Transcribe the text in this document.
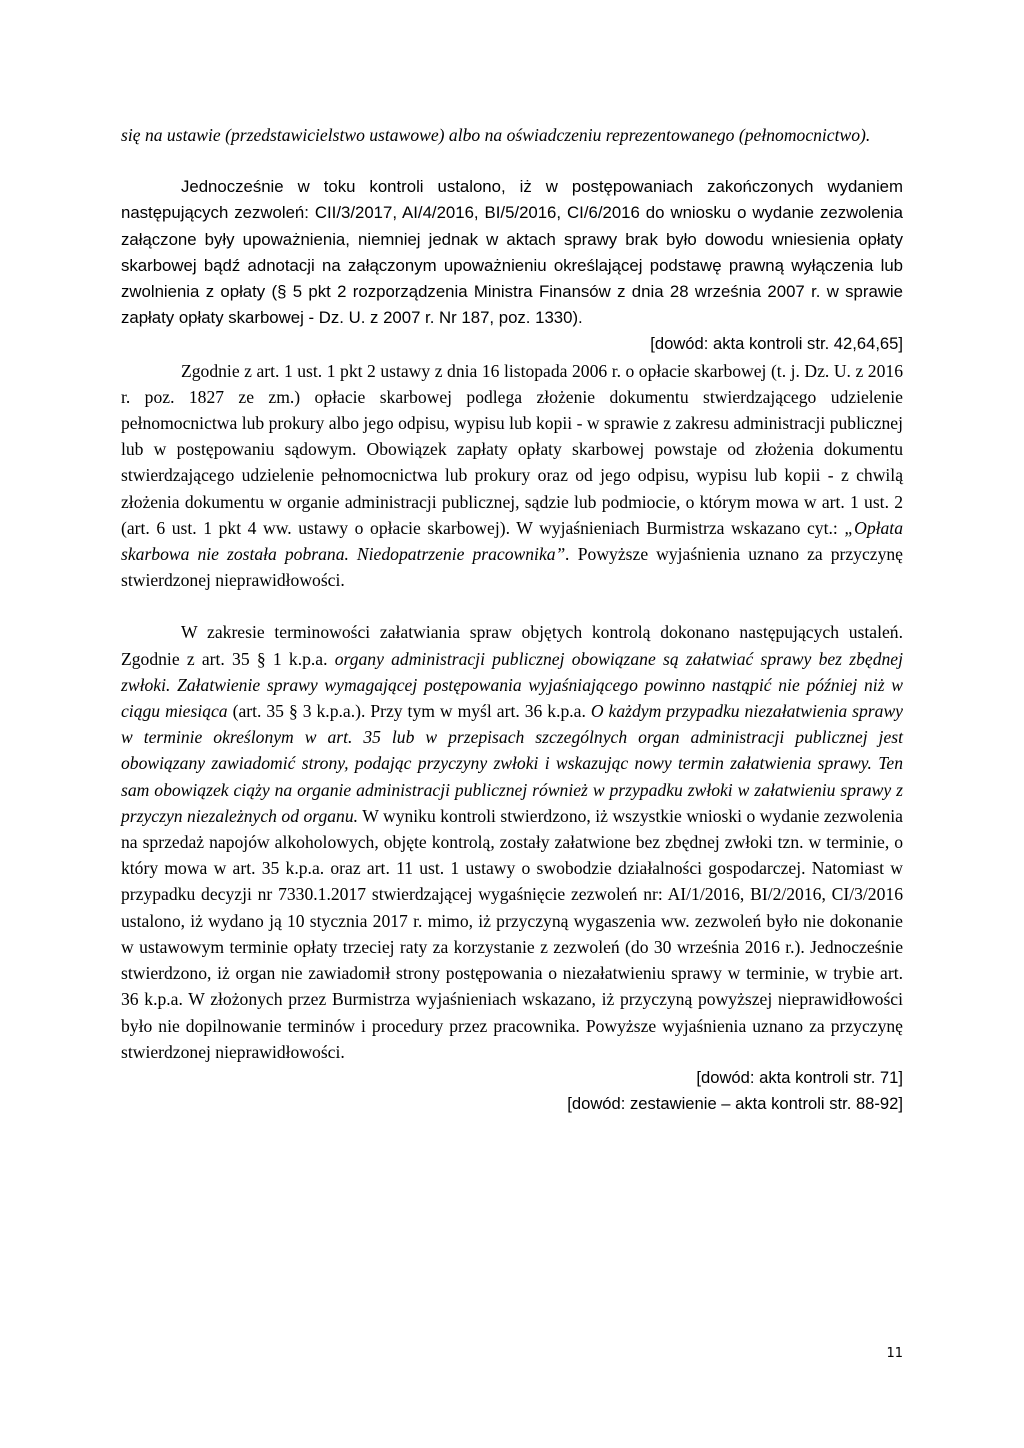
się na ustawie (przedstawicielstwo ustawowe) albo na oświadczeniu reprezentowanego (pełnomocnictwo).

Jednocześnie w toku kontroli ustalono, iż w postępowaniach zakończonych wydaniem następujących zezwoleń: CII/3/2017, AI/4/2016, BI/5/2016, CI/6/2016 do wniosku o wydanie zezwolenia załączone były upoważnienia, niemniej jednak w aktach sprawy brak było dowodu wniesienia opłaty skarbowej bądź adnotacji na załączonym upoważnieniu określającej podstawę prawną wyłączenia lub zwolnienia z opłaty (§ 5 pkt 2 rozporządzenia Ministra Finansów z dnia 28 września 2007 r. w sprawie zapłaty opłaty skarbowej - Dz. U. z 2007 r. Nr 187, poz. 1330).

[dowód: akta kontroli str. 42,64,65]

Zgodnie z art. 1 ust. 1 pkt 2 ustawy z dnia 16 listopada 2006 r. o opłacie skarbowej (t. j. Dz. U. z 2016 r. poz. 1827 ze zm.) opłacie skarbowej podlega złożenie dokumentu stwierdzającego udzielenie pełnomocnictwa lub prokury albo jego odpisu, wypisu lub kopii - w sprawie z zakresu administracji publicznej lub w postępowaniu sądowym. Obowiązek zapłaty opłaty skarbowej powstaje od złożenia dokumentu stwierdzającego udzielenie pełnomocnictwa lub prokury oraz od jego odpisu, wypisu lub kopii - z chwilą złożenia dokumentu w organie administracji publicznej, sądzie lub podmiocie, o którym mowa w art. 1 ust. 2 (art. 6 ust. 1 pkt 4 ww. ustawy o opłacie skarbowej). W wyjaśnieniach Burmistrza wskazano cyt.: „Opłata skarbowa nie została pobrana. Niedopatrzenie pracownika”. Powyższe wyjaśnienia uznano za przyczynę stwierdzonej nieprawidłowości.

W zakresie terminowości załatwiania spraw objętych kontrolą dokonano następujących ustaleń. Zgodnie z art. 35 § 1 k.p.a. organy administracji publicznej obowiązane są załatwiać sprawy bez zbędnej zwłoki. Załatwienie sprawy wymagającej postępowania wyjaśniającego powinno nastąpić nie później niż w ciągu miesiąca (art. 35 § 3 k.p.a.). Przy tym w myśl art. 36 k.p.a. O każdym przypadku niezałatwienia sprawy w terminie określonym w art. 35 lub w przepisach szczególnych organ administracji publicznej jest obowiązany zawiadomić strony, podając przyczyny zwłoki i wskazując nowy termin załatwienia sprawy. Ten sam obowiązek ciąży na organie administracji publicznej również w przypadku zwłoki w załatwieniu sprawy z przyczyn niezależnych od organu. W wyniku kontroli stwierdzono, iż wszystkie wnioski o wydanie zezwolenia na sprzedaż napojów alkoholowych, objęte kontrolą, zostały załatwione bez zbędnej zwłoki tzn. w terminie, o który mowa w art. 35 k.p.a. oraz art. 11 ust. 1 ustawy o swobodzie działalności gospodarczej. Natomiast w przypadku decyzji nr 7330.1.2017 stwierdzającej wygaśnięcie zezwoleń nr: AI/1/2016, BI/2/2016, CI/3/2016 ustalono, iż wydano ją 10 stycznia 2017 r. mimo, iż przyczyną wygaszenia ww. zezwoleń było nie dokonanie w ustawowym terminie opłaty trzeciej raty za korzystanie z zezwoleń (do 30 września 2016 r.). Jednocześnie stwierdzono, iż organ nie zawiadomił strony postępowania o niezałatwieniu sprawy w terminie, w trybie art. 36 k.p.a. W złożonych przez Burmistrza wyjaśnieniach wskazano, iż przyczyną powyższej nieprawidłowości było nie dopilnowanie terminów i procedury przez pracownika. Powyższe wyjaśnienia uznano za przyczynę stwierdzonej nieprawidłowości.

[dowód: akta kontroli str. 71]

[dowód: zestawienie – akta kontroli str. 88-92]

11
